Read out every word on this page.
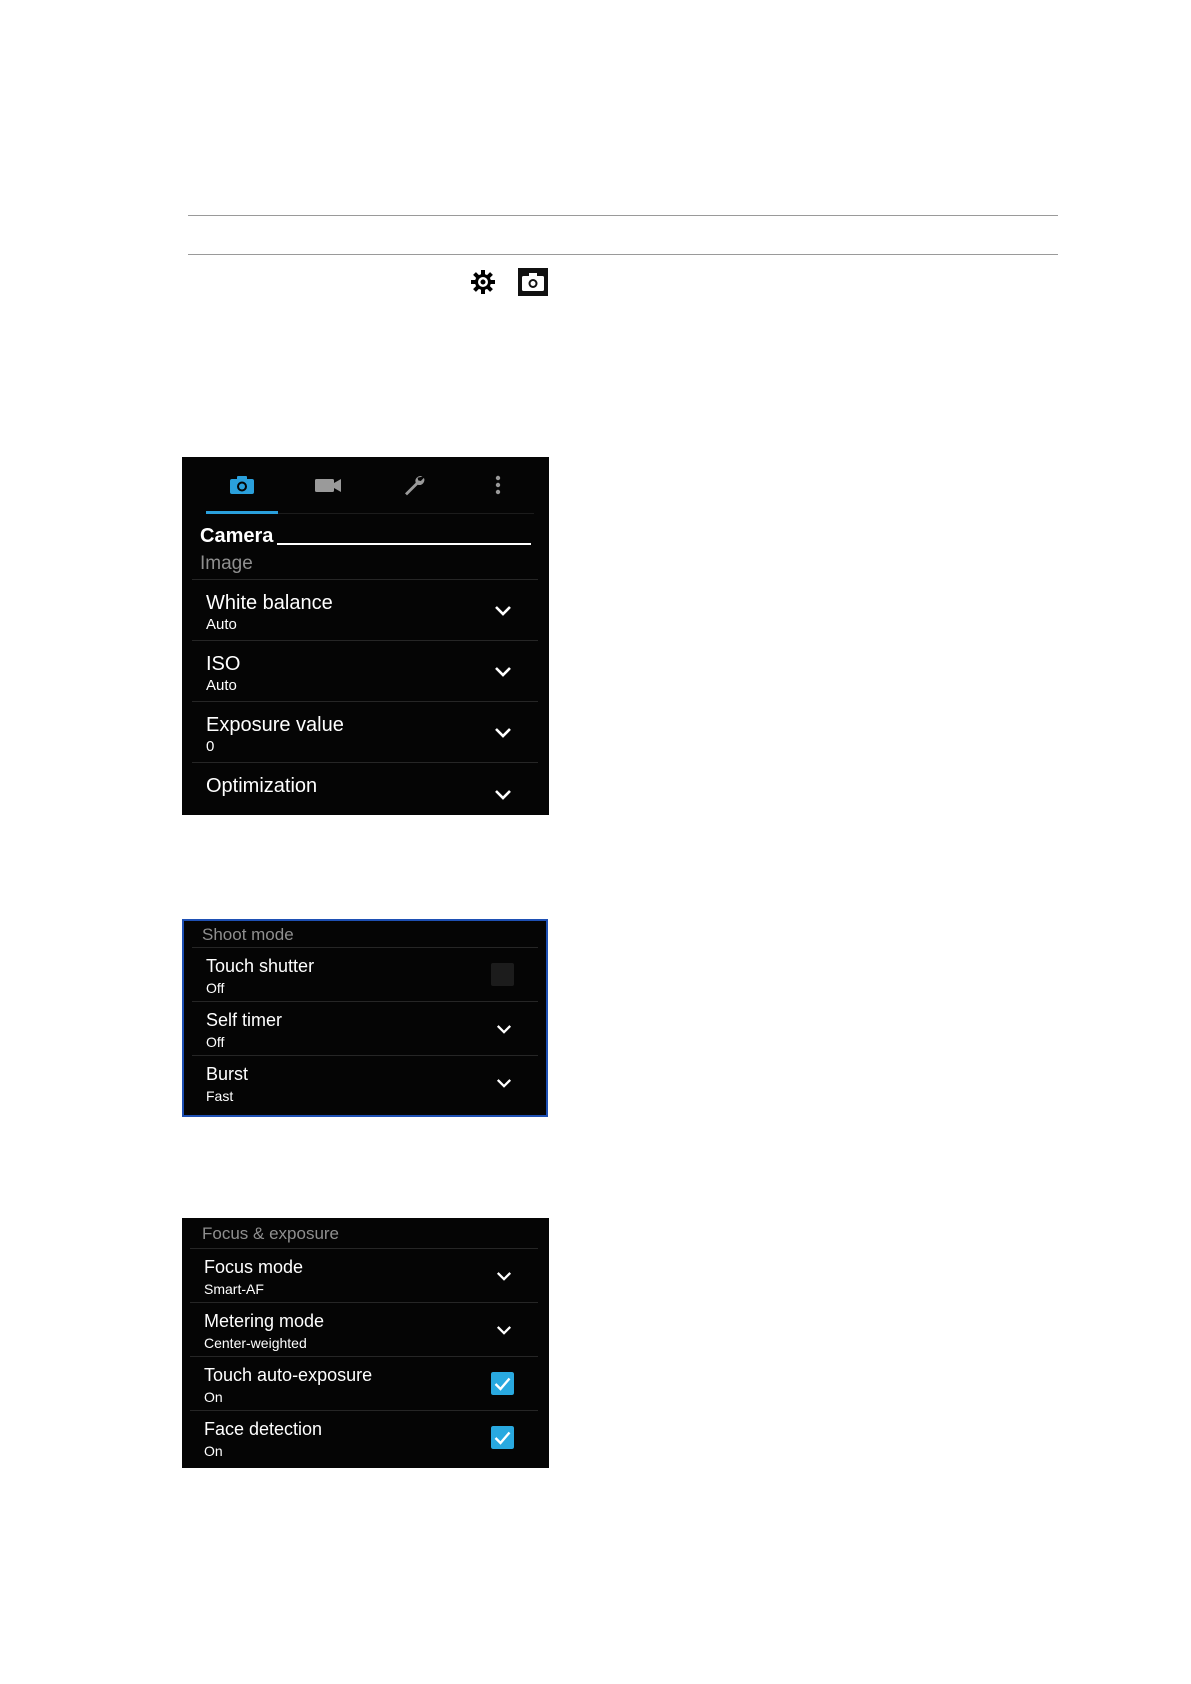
Camera
Image
White balance
Auto
ISO
Auto
Exposure value
0
Optimization
Shoot mode
Touch shutter
Off
Self timer
Off
Burst
Fast
Focus & exposure
Focus mode
Smart-AF
Metering mode
Center-weighted
Touch auto-exposure
On
Face detection
On
